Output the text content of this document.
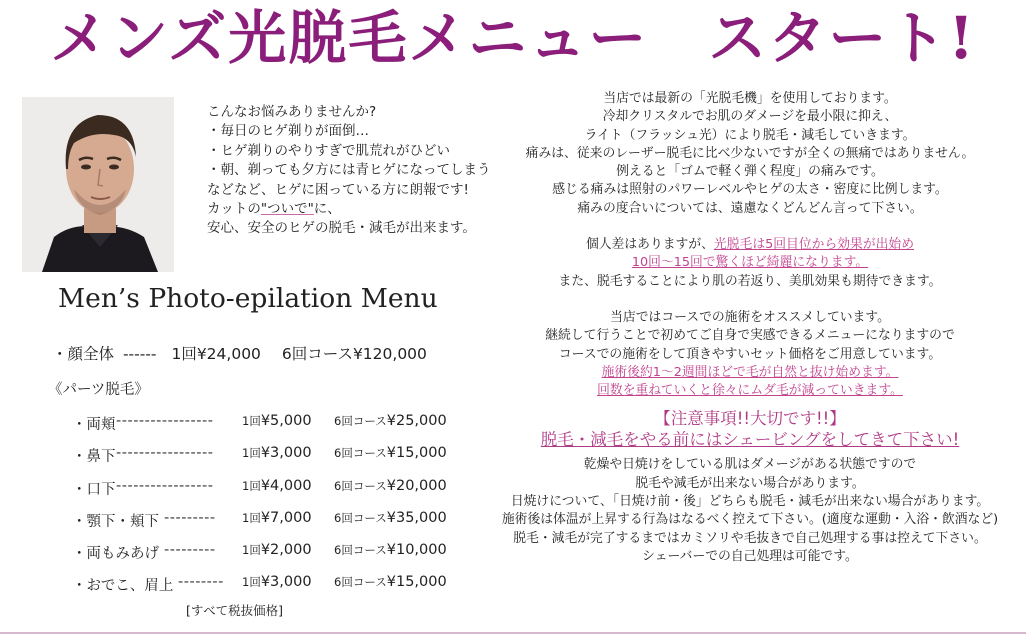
メンズ光脱毛メニュー　スタート!
こんなお悩みありませんか?
・毎日のヒゲ剃りが面倒…
・ヒゲ剃りのやりすぎで肌荒れがひどい
・朝、剃っても夕方には青ヒゲになってしまう
などなど、ヒゲに困っている方に朗報です!
カットの"ついで"に、
安心、安全のヒゲの脱毛・減毛が出来ます。
Men’s Photo-epilation Menu
・顔全体 ------ 1回¥24,000 6回コース¥120,000
《パーツ脱毛》
・両頬 ----------------- 1回¥5,000 6回コース¥25,000
・鼻下 ----------------- 1回¥3,000 6回コース¥15,000
・口下 ----------------- 1回¥4,000 6回コース¥20,000
・顎下・頬下 --------- 1回¥7,000 6回コース¥35,000
・両もみあげ --------- 1回¥2,000 6回コース¥10,000
・おでこ、眉上 -------- 1回¥3,000 6回コース¥15,000
[すべて税抜価格]
当店では最新の「光脱毛機」を使用しております。
冷却クリスタルでお肌のダメージを最小限に抑え、
ライト（フラッシュ光）により脱毛・減毛していきます。
痛みは、従来のレーザー脱毛に比べ少ないですが全くの無痛ではありません。
例えると「ゴムで軽く弾く程度」の痛みです。
感じる痛みは照射のパワーレベルやヒゲの太さ・密度に比例します。
痛みの度合いについては、遠慮なくどんどん言って下さい。
個人差はありますが、光脱毛は5回目位から効果が出始め
10回～15回で驚くほど綺麗になります。
また、脱毛することにより肌の若返り、美肌効果も期待できます。
当店ではコースでの施術をオススメしています。
継続して行うことで初めてご自身で実感できるメニューになりますので
コースでの施術をして頂きやすいセット価格をご用意しています。
施術後約1～2週間ほどで毛が自然と抜け始めます。
回数を重ねていくと徐々にムダ毛が減っていきます。
【注意事項!!大切です!!】
脱毛・減毛をやる前にはシェービングをしてきて下さい!
乾燥や日焼けをしている肌はダメージがある状態ですので
脱毛や減毛が出来ない場合があります。
日焼けについて、「日焼け前・後」どちらも脱毛・減毛が出来ない場合があります。
施術後は体温が上昇する行為はなるべく控えて下さい。(適度な運動・入浴・飲酒など)
脱毛・減毛が完了するまではカミソリや毛抜きで自己処理する事は控えて下さい。
シェーバーでの自己処理は可能です。
